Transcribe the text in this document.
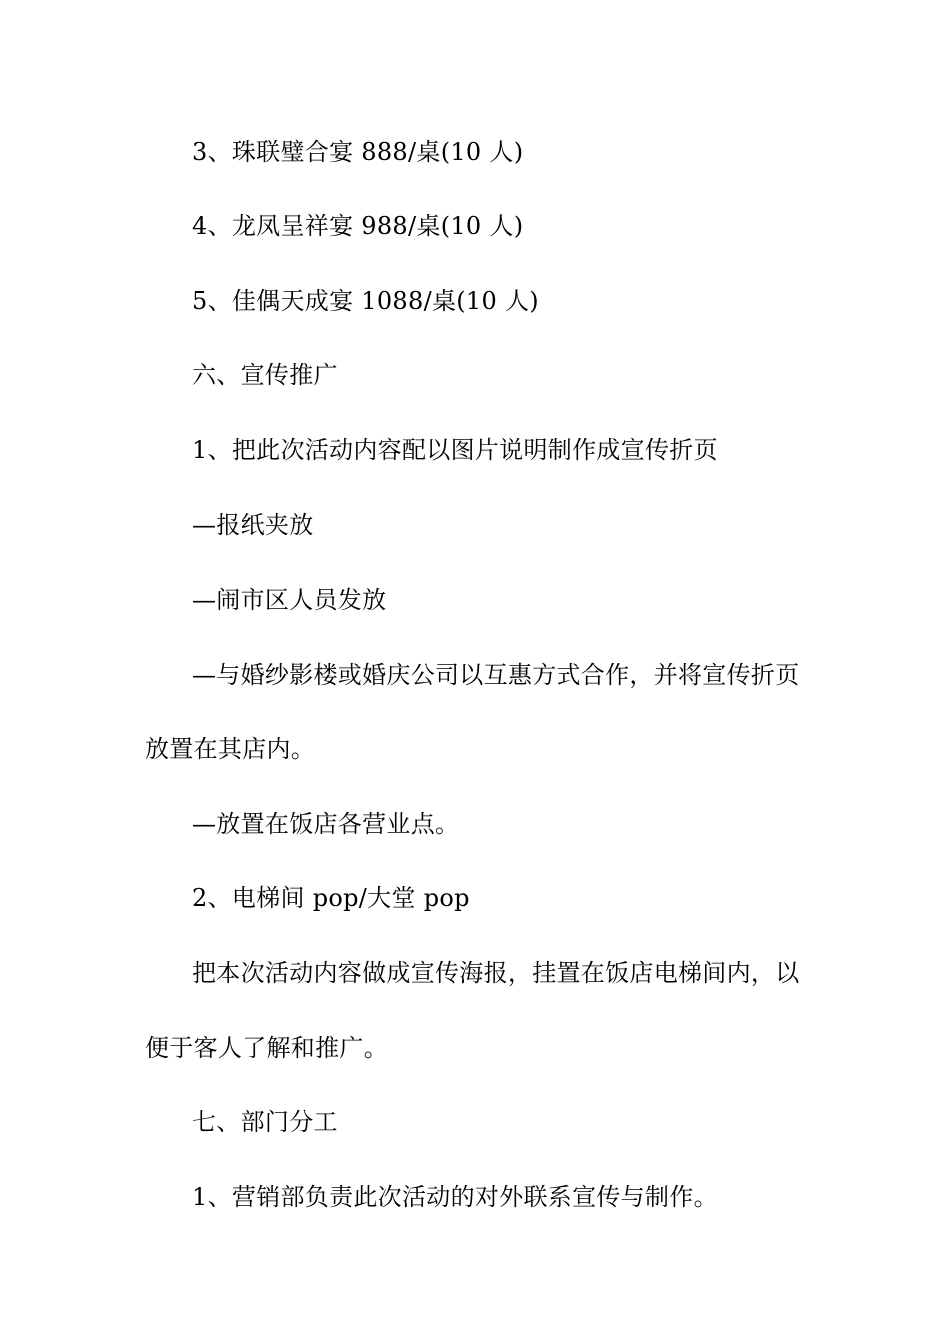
3、珠联璧合宴 888/桌(10 人)
4、龙凤呈祥宴 988/桌(10 人)
5、佳偶天成宴 1088/桌(10 人)
六、宣传推广
1、把此次活动内容配以图片说明制作成宣传折页
—报纸夹放
—闹市区人员发放
—与婚纱影楼或婚庆公司以互惠方式合作，并将宣传折页
放置在其店内。
—放置在饭店各营业点。
2、电梯间 pop/大堂 pop
把本次活动内容做成宣传海报，挂置在饭店电梯间内，以
便于客人了解和推广。
七、部门分工
1、营销部负责此次活动的对外联系宣传与制作。
